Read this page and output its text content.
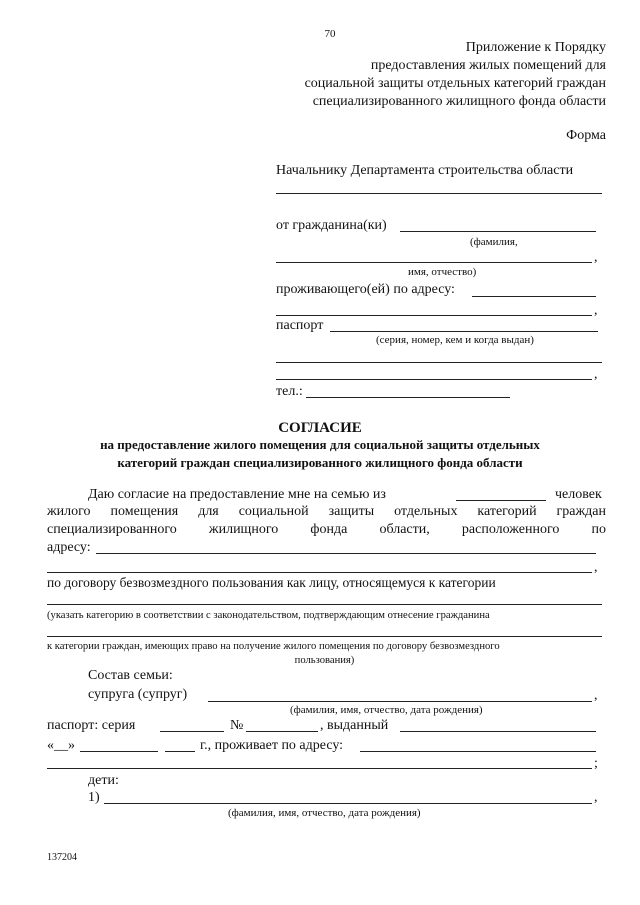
70
Приложение к Порядку
предоставления жилых помещений для
социальной защиты отдельных категорий граждан
специализированного жилищного фонда области
Форма
Начальнику Департамента строительства области
от гражданина(ки)
(фамилия,
,
имя, отчество)
проживающего(ей) по адресу:
,
паспорт
(серия, номер, кем и когда выдан)
,
тел.:
СОГЛАСИЕ
на предоставление жилого помещения для социальной защиты отдельных
категорий граждан специализированного жилищного фонда области
Даю согласие на предоставление мне на семью из	человек
жилого помещения для социальной защиты отдельных категорий граждан
специализированного жилищного фонда области, расположенного по
адресу:
,
по договору безвозмездного пользования как лицу, относящемуся к категории
(указать категорию в соответствии с законодательством, подтверждающим отнесение гражданина
к категории граждан, имеющих право на получение жилого помещения по договору безвозмездного
пользования)
Состав семьи:
супруга (супруг)	,
(фамилия, имя, отчество, дата рождения)
паспорт: серия	№	, выданный
«__»	г., проживает по адресу:
;
дети:
1)	,
(фамилия, имя, отчество, дата рождения)
137204
